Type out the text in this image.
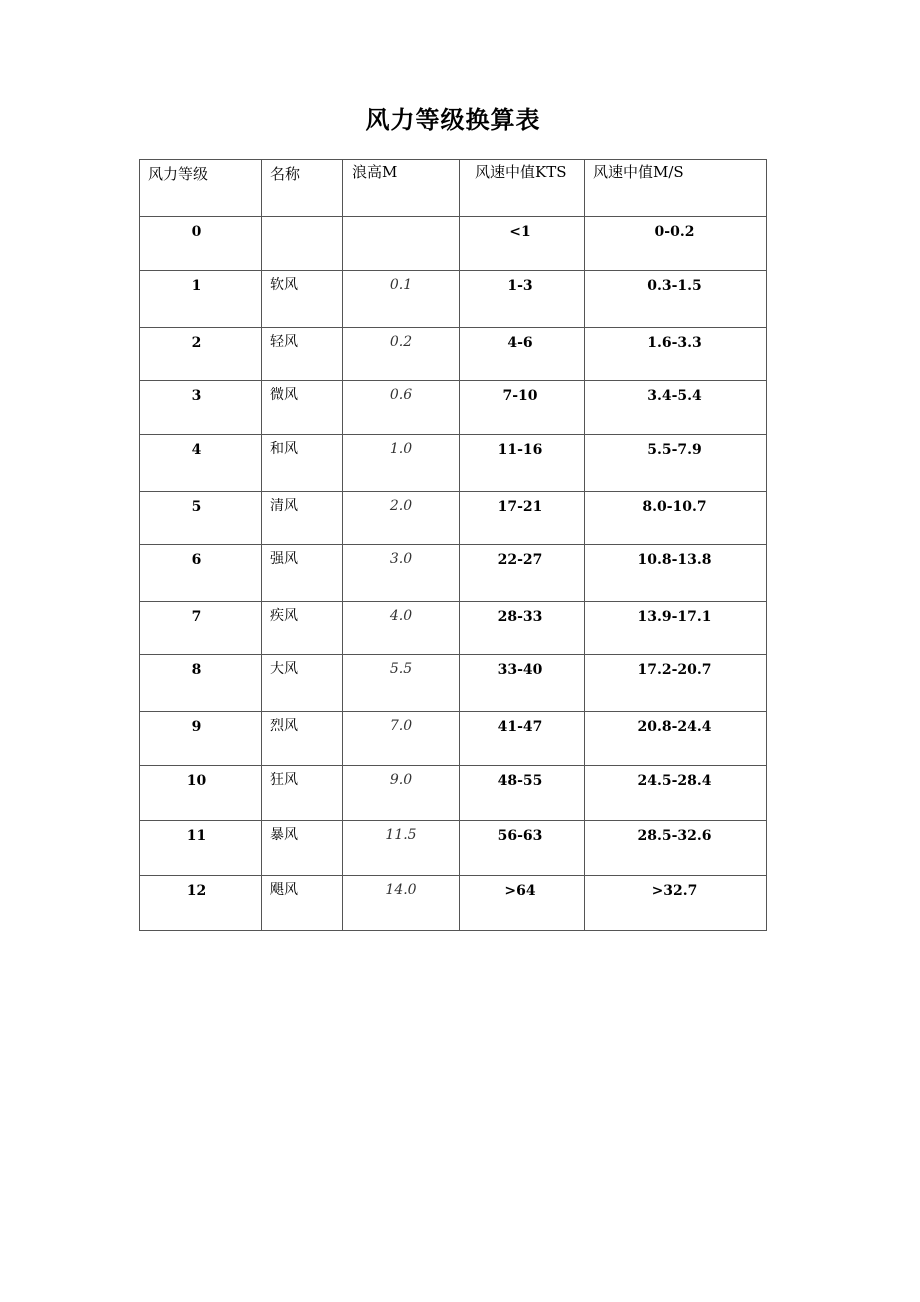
风力等级换算表
风力等级	名称	浪高M	风速中值KTS	风速中值M/S

0			<1	0-0.2

1	软风	0.1	1-3	0.3-1.5

2	轻风	0.2	4-6	1.6-3.3

3	微风	0.6	7-10	3.4-5.4

4	和风	1.0	11-16	5.5-7.9

5	清风	2.0	17-21	8.0-10.7

6	强风	3.0	22-27	10.8-13.8

7	疾风	4.0	28-33	13.9-17.1

8	大风	5.5	33-40	17.2-20.7

9	烈风	7.0	41-47	20.8-24.4

10	狂风	9.0	48-55	24.5-28.4

11	暴风	11.5	56-63	28.5-32.6

12	飓风	14.0	>64	>32.7
